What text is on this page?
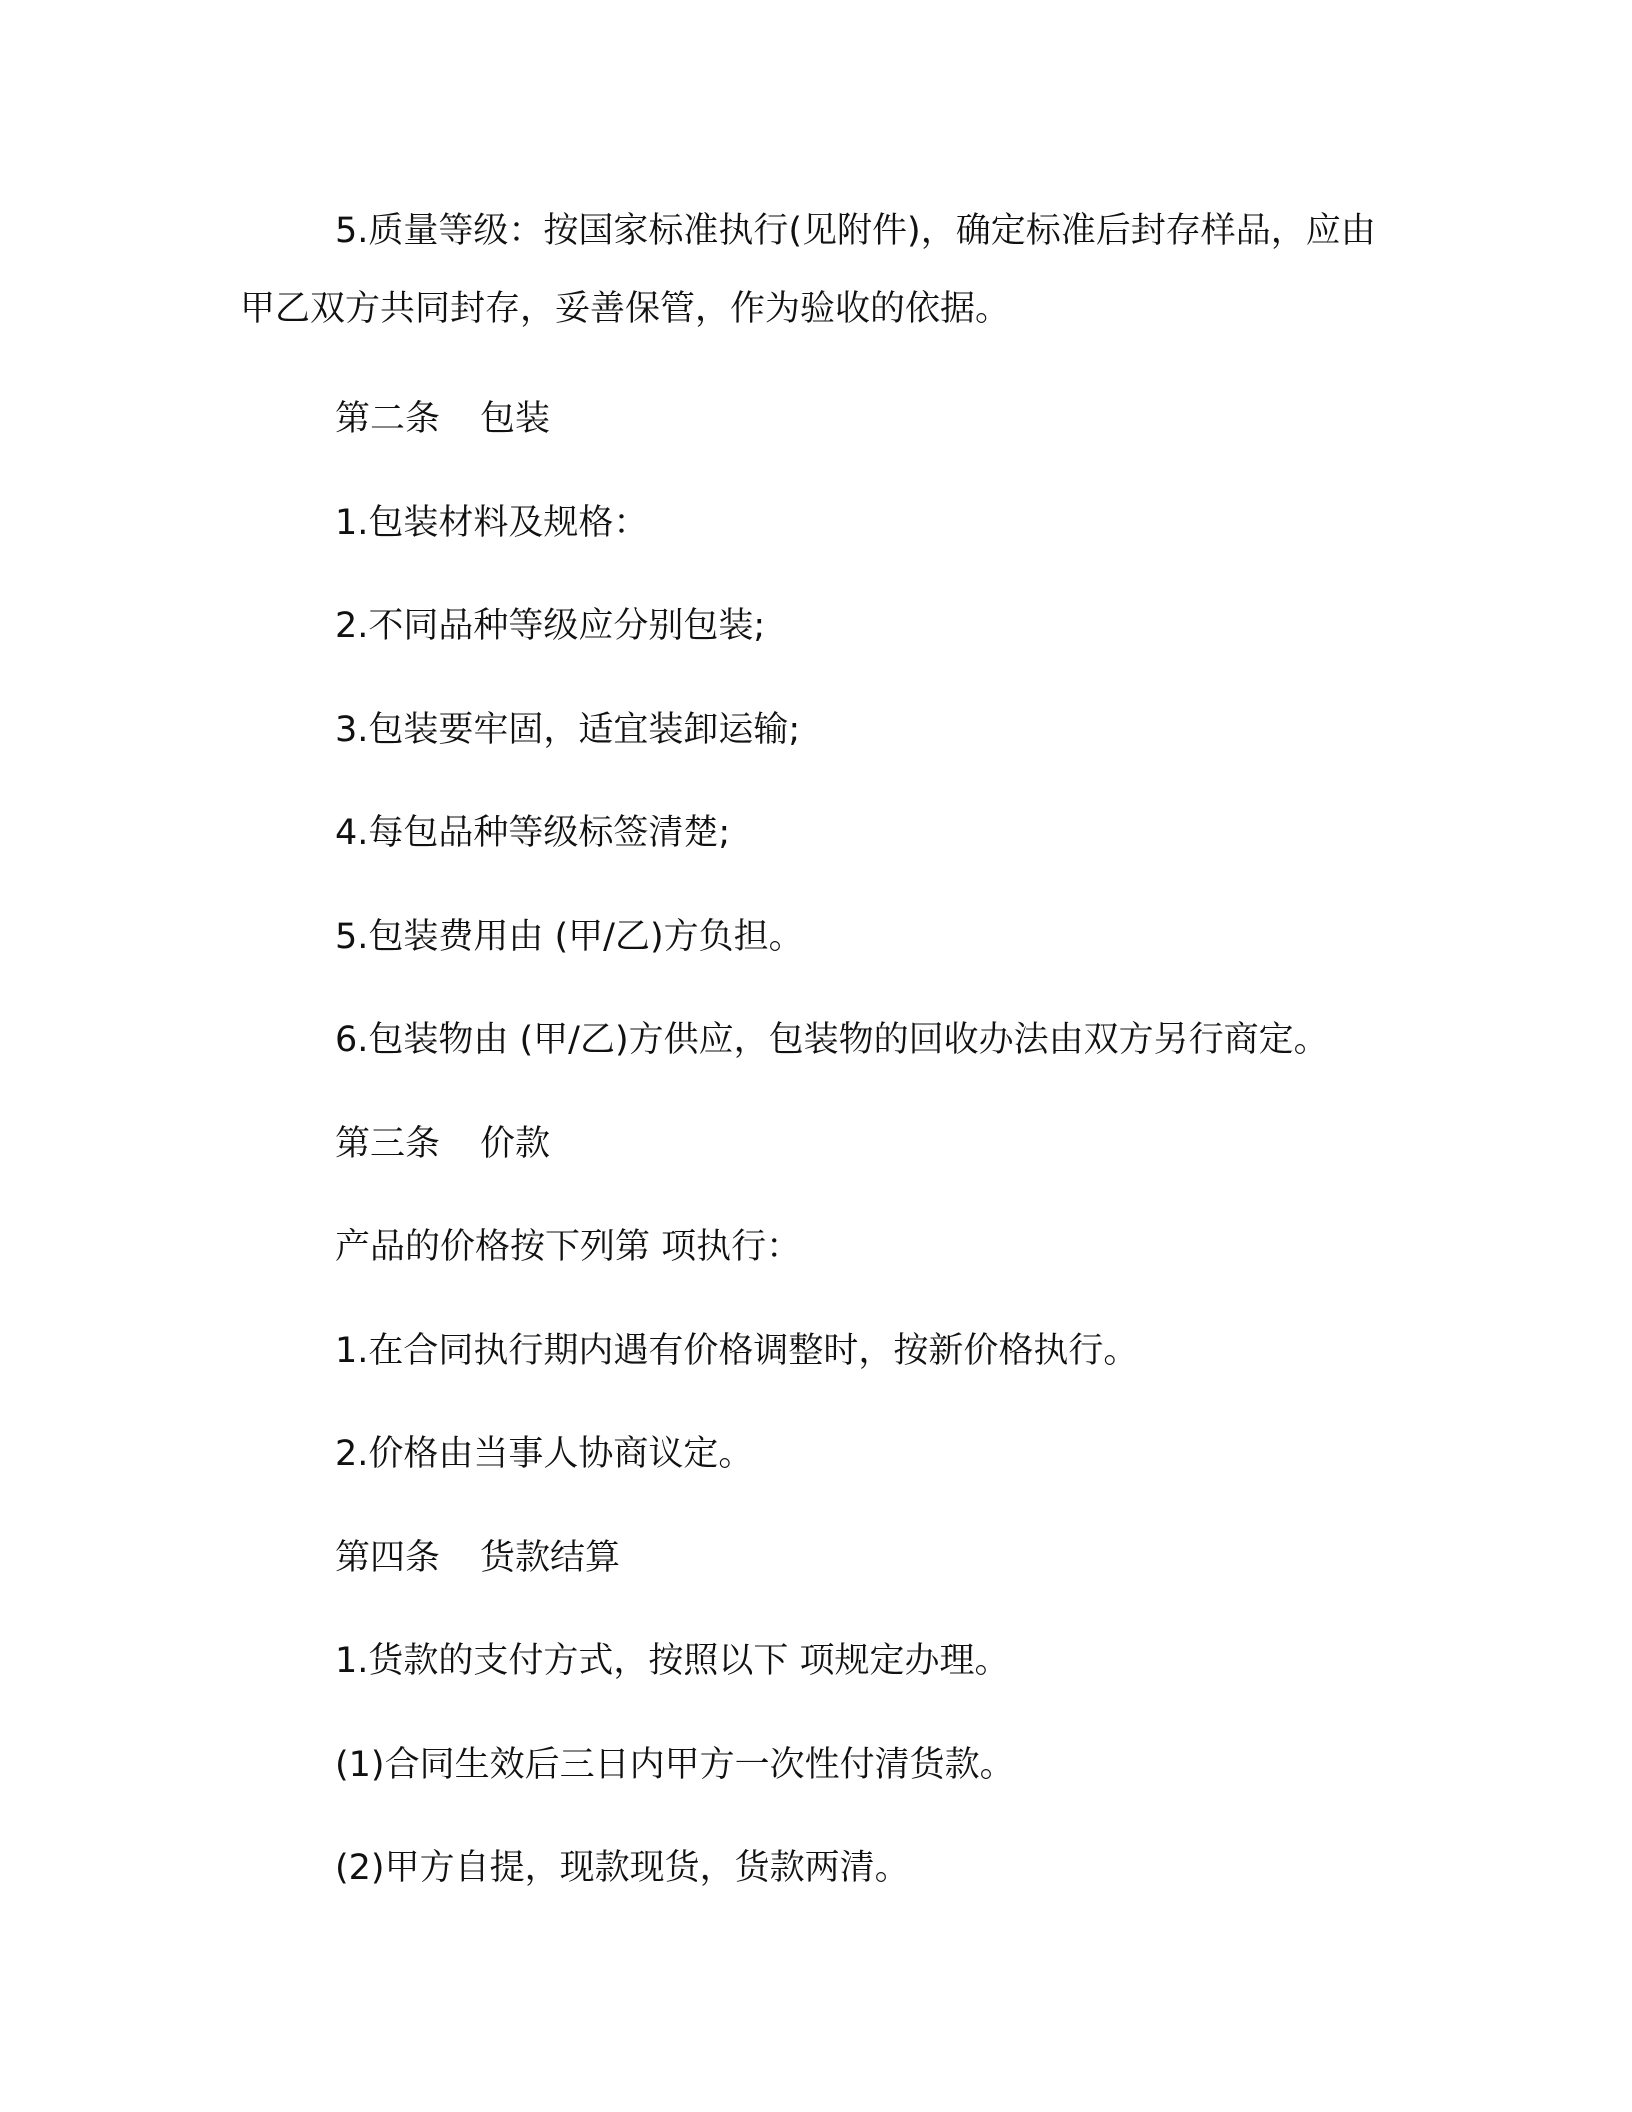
5.质量等级：按国家标准执行(见附件)，确定标准后封存样品，应由甲乙双方共同封存，妥善保管，作为验收的依据。

第二条 包装

1.包装材料及规格：

2.不同品种等级应分别包装;

3.包装要牢固，适宜装卸运输;

4.每包品种等级标签清楚;

5.包装费用由 (甲/乙)方负担。

6.包装物由 (甲/乙)方供应，包装物的回收办法由双方另行商定。

第三条 价款

产品的价格按下列第 项执行：

1.在合同执行期内遇有价格调整时，按新价格执行。

2.价格由当事人协商议定。

第四条 货款结算

1.货款的支付方式，按照以下 项规定办理。

(1)合同生效后三日内甲方一次性付清货款。

(2)甲方自提，现款现货，货款两清。
